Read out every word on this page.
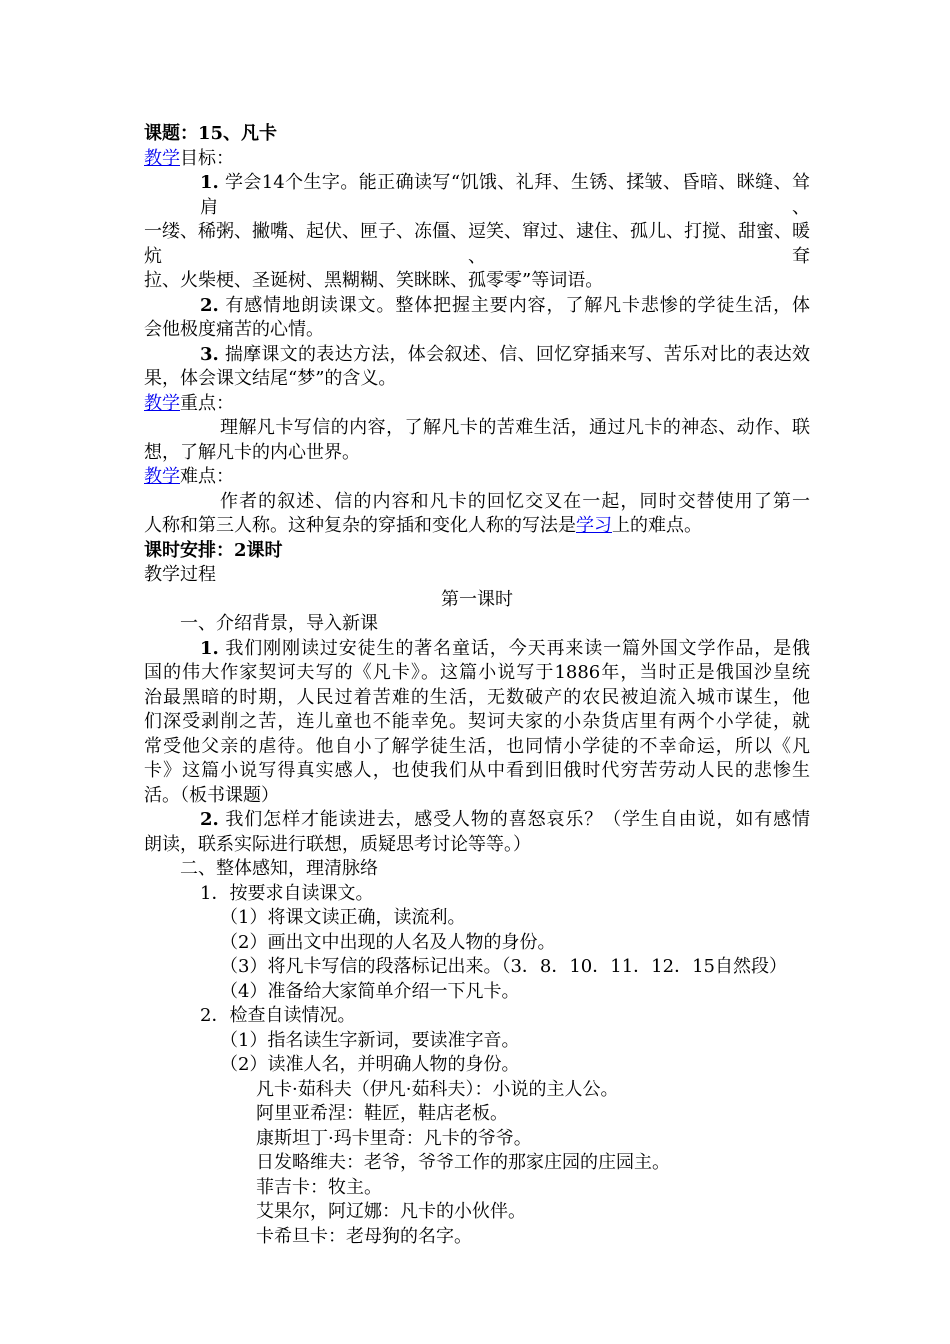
课题：15、凡卡
教学目标：
1. 学会14个生字。能正确读写“饥饿、礼拜、生锈、揉皱、昏暗、眯缝、耸肩、
一缕、稀粥、撇嘴、起伏、匣子、冻僵、逗笑、窜过、逮住、孤儿、打搅、甜蜜、暖炕、耷
拉、火柴梗、圣诞树、黑糊糊、笑眯眯、孤零零”等词语。
2. 有感情地朗读课文。整体把握主要内容，了解凡卡悲惨的学徒生活，体
会他极度痛苦的心情。
3. 揣摩课文的表达方法，体会叙述、信、回忆穿插来写、苦乐对比的表达效
果，体会课文结尾“梦”的含义。
教学重点：
理解凡卡写信的内容，了解凡卡的苦难生活，通过凡卡的神态、动作、联
想，了解凡卡的内心世界。
教学难点：
作者的叙述、信的内容和凡卡的回忆交叉在一起，同时交替使用了第一
人称和第三人称。这种复杂的穿插和变化人称的写法是学习上的难点。
课时安排：2课时
教学过程
第一课时
一、介绍背景，导入新课
1. 我们刚刚读过安徒生的著名童话，今天再来读一篇外国文学作品，是俄
国的伟大作家契诃夫写的《凡卡》。这篇小说写于1886年，当时正是俄国沙皇统
治最黑暗的时期，人民过着苦难的生活，无数破产的农民被迫流入城市谋生，他
们深受剥削之苦，连儿童也不能幸免。契诃夫家的小杂货店里有两个小学徒，就
常受他父亲的虐待。他自小了解学徒生活，也同情小学徒的不幸命运，所以《凡
卡》这篇小说写得真实感人，也使我们从中看到旧俄时代穷苦劳动人民的悲惨生
活。（板书课题）
2. 我们怎样才能读进去，感受人物的喜怒哀乐？（学生自由说，如有感情
朗读，联系实际进行联想，质疑思考讨论等等。）
二、整体感知，理清脉络
1．按要求自读课文。
（1）将课文读正确，读流利。
（2）画出文中出现的人名及人物的身份。
（3）将凡卡写信的段落标记出来。（3．8．10．11．12．15自然段）
（4）准备给大家简单介绍一下凡卡。
2．检查自读情况。
（1）指名读生字新词，要读准字音。
（2）读准人名，并明确人物的身份。
凡卡·茹科夫（伊凡·茹科夫）：小说的主人公。
阿里亚希涅：鞋匠，鞋店老板。
康斯坦丁·玛卡里奇：凡卡的爷爷。
日发略维夫：老爷，爷爷工作的那家庄园的庄园主。
菲吉卡：牧主。
艾果尔，阿辽娜：凡卡的小伙伴。
卡希旦卡：老母狗的名字。
